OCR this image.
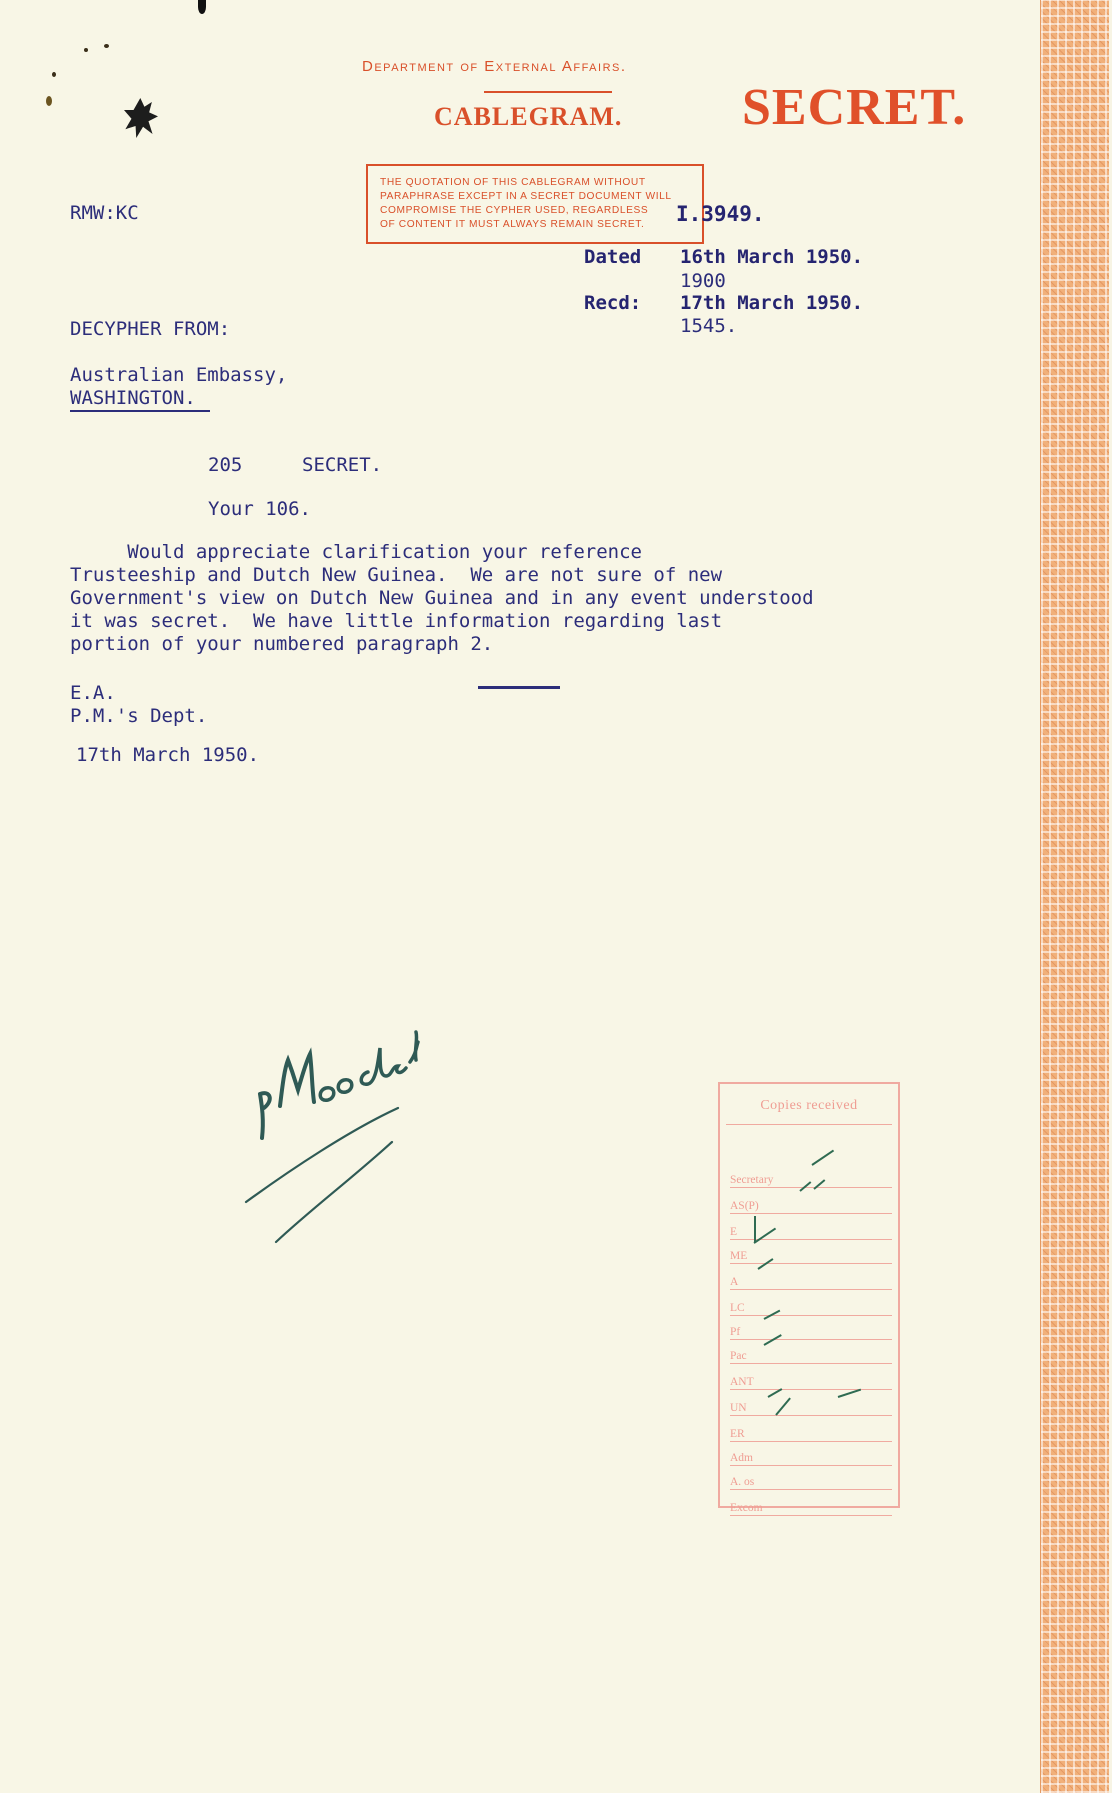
Department of External Affairs.
CABLEGRAM. SECRET.
THE QUOTATION OF THIS CABLEGRAM WITHOUT
PARAPHRASE EXCEPT IN A SECRET DOCUMENT WILL
COMPROMISE THE CYPHER USED, REGARDLESS
OF CONTENT IT MUST ALWAYS REMAIN SECRET.
RMW:KC	I.3949.
Dated 16th March 1950.
1900
Recd: 17th March 1950.
1545.
DECYPHER FROM:
Australian Embassy,
WASHINGTON.
205	SECRET.
Your 106.
Would appreciate clarification your reference
Trusteeship and Dutch New Guinea.  We are not sure of new
Government's view on Dutch New Guinea and in any event understood
it was secret.  We have little information regarding last
portion of your numbered paragraph 2.
E.A.
P.M.'s Dept.
17th March 1950.
Copies received
Secretary
AS(P)
E
ME
A
LC
Pf
Pac
ANT
UN
ER
Adm
A. os
Excom
